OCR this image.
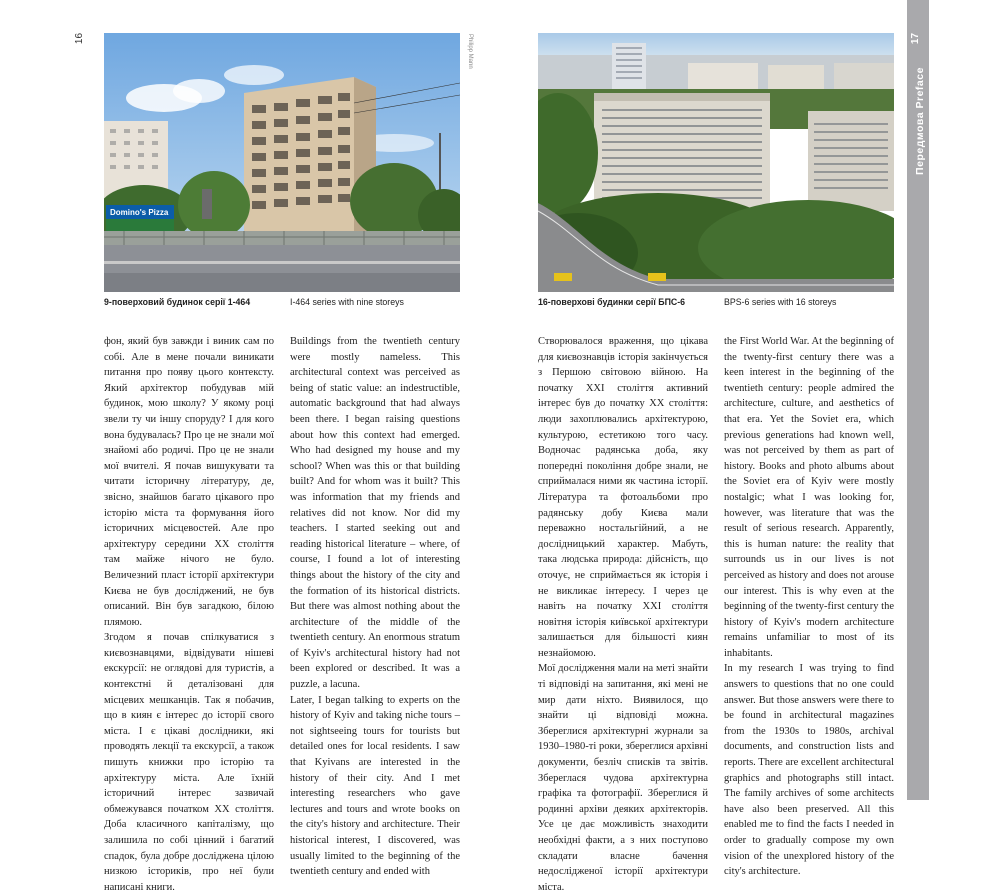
16	17
Передмова Preface
Domino's Pizza
Philipp Mann
9-поверховий будинок серії 1-464	I-464 series with nine storeys	16-поверхові будинки серії БПС-6	BPS-6 series with 16 storeys

фон, який був завжди і виник сам по собі. Але в мене почали виникати питання про появу цього контексту. Який архітектор побудував мій будинок, мою школу? У якому році звели ту чи іншу споруду? І для кого вона будувалась? Про це не знали мої знайомі або родичі. Про це не знали мої вчителі. Я почав вишукувати та читати історичну літературу, де, звісно, знайшов багато цікавого про історію міста та формування його історичних місцевостей. Але про архітектуру середини XX століття там майже нічого не було. Величезний пласт історії архітектури Києва не був досліджений, не був описаний. Він був загадкою, білою плямою.

Згодом я почав спілкуватися з києвознавцями, відвідувати нішеві екскурсії: не оглядові для туристів, а контекстні й деталізовані для місцевих мешканців. Так я побачив, що в киян є інтерес до історії свого міста. І є цікаві дослідники, які проводять лекції та екскурсії, а також пишуть книжки про історію та архітектуру міста. Але їхній історичний інтерес зазвичай обмежувався початком XX століття. Доба класичного капіталізму, що залишила по собі цінний і багатий спадок, була добре досліджена цілою низкою істориків, про неї були написані книги.

Buildings from the twentieth century were mostly nameless. This architectural context was perceived as being of static value: an indestructible, automatic background that had always been there. I began raising questions about how this context had emerged. Who had designed my house and my school? When was this or that building built? And for whom was it built? This was information that my friends and relatives did not know. Nor did my teachers. I started seeking out and reading historical literature – where, of course, I found a lot of interesting things about the history of the city and the formation of its historical districts. But there was almost nothing about the architecture of the middle of the twentieth century. An enormous stratum of Kyiv's architectural history had not been explored or described. It was a puzzle, a lacuna.

Later, I began talking to experts on the history of Kyiv and taking niche tours – not sightseeing tours for tourists but detailed ones for local residents. I saw that Kyivans are interested in the history of their city. And I met interesting researchers who gave lectures and tours and wrote books on the city's history and architecture. Their historical interest, I discovered, was usually limited to the beginning of the twentieth century and ended with

Створювалося враження, що цікава для києвознавців історія закінчується з Першою світовою війною. На початку XXI століття активний інтерес був до початку XX століття: люди захоплювались архітектурою, культурою, естетикою того часу. Водночас радянська доба, яку попередні покоління добре знали, не сприймалася ними як частина історії. Література та фотоальбоми про радянську добу Києва мали переважно ностальгійний, а не дослідницький характер. Мабуть, така людська природа: дійсність, що оточує, не сприймається як історія і не викликає інтересу. І через це навіть на початку XXI століття новітня історія київської архітектури залишається для більшості киян незнайомою.

Мої дослідження мали на меті знайти ті відповіді на запитання, які мені не мир дати ніхто. Виявилося, що знайти ці відповіді можна. Збереглися архітектурні журнали за 1930–1980-ті роки, збереглися архівні документи, безліч списків та звітів. Збереглася чудова архітектурна графіка та фотографії. Збереглися й родинні архіви деяких архітекторів. Усе це дає можливість знаходити необхідні факти, а з них поступово складати власне бачення недослідженої історії архітектури міста.

the First World War. At the beginning of the twenty-first century there was a keen interest in the beginning of the twentieth century: people admired the architecture, culture, and aesthetics of that era. Yet the Soviet era, which previous generations had known well, was not perceived by them as part of history. Books and photo albums about the Soviet era of Kyiv were mostly nostalgic; what I was looking for, however, was literature that was the result of serious research. Apparently, this is human nature: the reality that surrounds us in our lives is not perceived as history and does not arouse our interest. This is why even at the beginning of the twenty-first century the history of Kyiv's modern architecture remains unfamiliar to most of its inhabitants.

In my research I was trying to find answers to questions that no one could answer. But those answers were there to be found in architectural magazines from the 1930s to 1980s, archival documents, and construction lists and reports. There are excellent architectural graphics and photographs still intact. The family archives of some architects have also been preserved. All this enabled me to find the facts I needed in order to gradually compose my own vision of the unexplored history of the city's architecture.
